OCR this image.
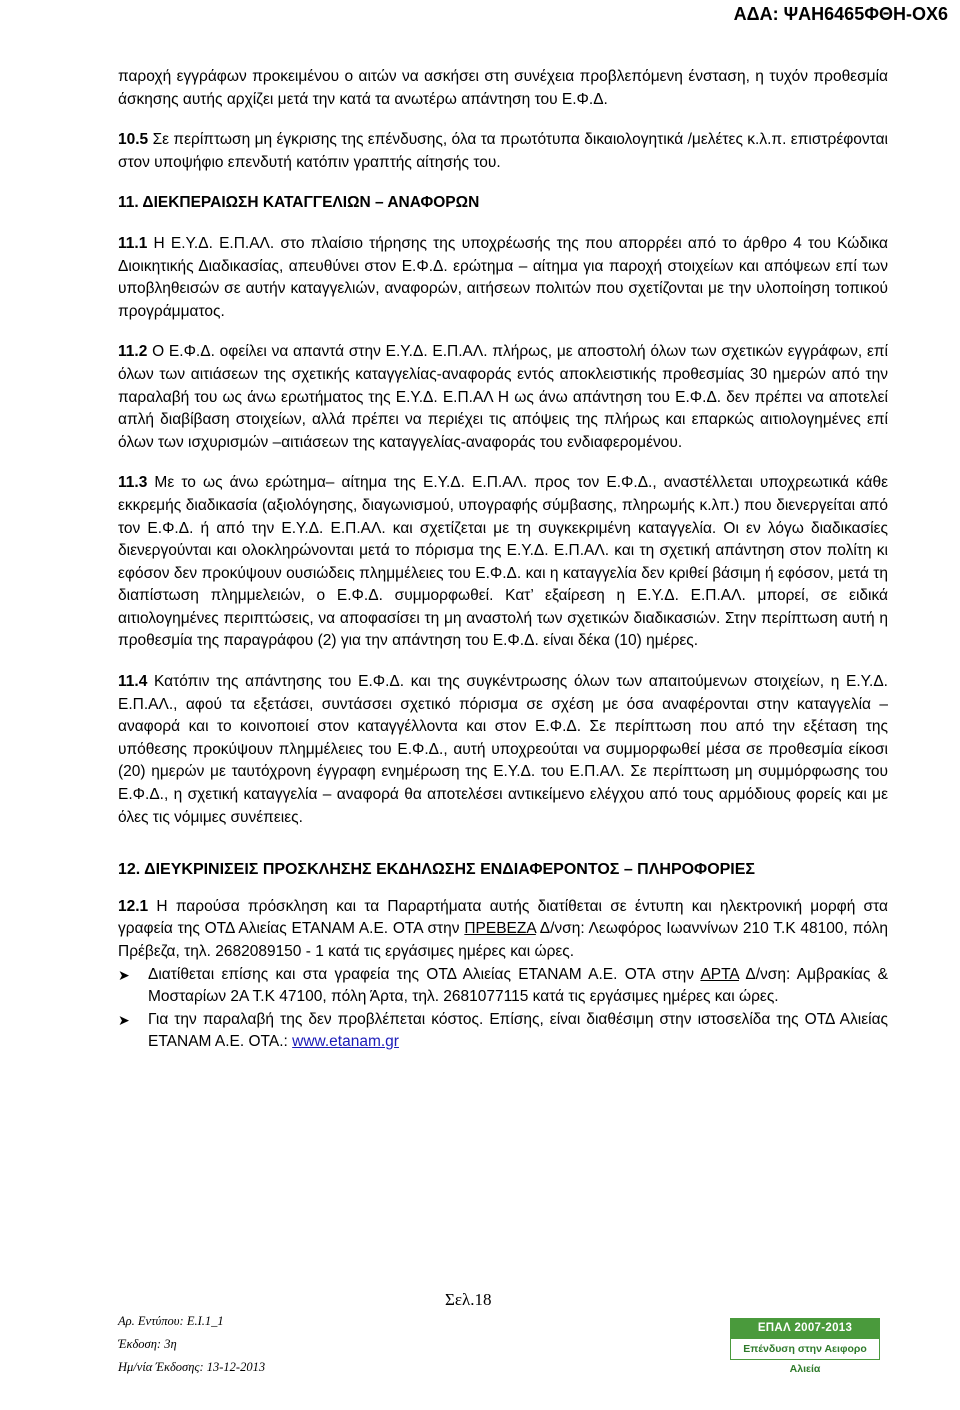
ΑΔΑ: ΨΑΗ6465ΦΘΗ-ΟΧ6

παροχή εγγράφων προκειμένου ο αιτών να ασκήσει στη συνέχεια προβλεπόμενη ένσταση, η τυχόν προθεσμία άσκησης αυτής αρχίζει μετά την κατά τα ανωτέρω απάντηση του Ε.Φ.Δ.

10.5 Σε περίπτωση μη έγκρισης της επένδυσης, όλα τα πρωτότυπα δικαιολογητικά /μελέτες κ.λ.π. επιστρέφονται στον υποψήφιο επενδυτή κατόπιν γραπτής αίτησής του.

11. ΔΙΕΚΠΕΡΑΙΩΣΗ ΚΑΤΑΓΓΕΛΙΩΝ – ΑΝΑΦΟΡΩΝ

11.1 Η Ε.Υ.Δ. Ε.Π.ΑΛ. στο πλαίσιο τήρησης της υποχρέωσής της που απορρέει από το άρθρο 4 του Κώδικα Διοικητικής Διαδικασίας, απευθύνει στον Ε.Φ.Δ. ερώτημα – αίτημα για παροχή στοιχείων και απόψεων επί των υποβληθεισών σε αυτήν καταγγελιών, αναφορών, αιτήσεων πολιτών που σχετίζονται με την υλοποίηση τοπικού προγράμματος.

11.2 Ο Ε.Φ.Δ. οφείλει να απαντά στην Ε.Υ.Δ. Ε.Π.ΑΛ. πλήρως, με αποστολή όλων των σχετικών εγγράφων, επί όλων των αιτιάσεων της σχετικής καταγγελίας-αναφοράς εντός αποκλειστικής προθεσμίας 30 ημερών από την παραλαβή του ως άνω ερωτήματος της Ε.Υ.Δ. Ε.Π.ΑΛ Η ως άνω απάντηση του Ε.Φ.Δ. δεν πρέπει να αποτελεί απλή διαβίβαση στοιχείων, αλλά πρέπει να περιέχει τις απόψεις της πλήρως και επαρκώς αιτιολογημένες επί όλων των ισχυρισμών –αιτιάσεων της καταγγελίας-αναφοράς του ενδιαφερομένου.

11.3 Με το ως άνω ερώτημα– αίτημα της Ε.Υ.Δ. Ε.Π.ΑΛ. προς τον Ε.Φ.Δ., αναστέλλεται υποχρεωτικά κάθε εκκρεμής διαδικασία (αξιολόγησης, διαγωνισμού, υπογραφής σύμβασης, πληρωμής κ.λπ.) που διενεργείται από τον Ε.Φ.Δ. ή από την Ε.Υ.Δ. Ε.Π.ΑΛ. και σχετίζεται με τη συγκεκριμένη καταγγελία. Οι εν λόγω διαδικασίες διενεργούνται και ολοκληρώνονται μετά το πόρισμα της Ε.Υ.Δ. Ε.Π.ΑΛ. και τη σχετική απάντηση στον πολίτη κι εφόσον δεν προκύψουν ουσιώδεις πλημμέλειες του Ε.Φ.Δ. και η καταγγελία δεν κριθεί βάσιμη ή εφόσον, μετά τη διαπίστωση πλημμελειών, ο Ε.Φ.Δ. συμμορφωθεί. Κατ’ εξαίρεση η Ε.Υ.Δ. Ε.Π.ΑΛ. μπορεί, σε ειδικά αιτιολογημένες περιπτώσεις, να αποφασίσει τη μη αναστολή των σχετικών διαδικασιών. Στην περίπτωση αυτή η προθεσμία της παραγράφου (2) για την απάντηση του Ε.Φ.Δ. είναι δέκα (10) ημέρες.

11.4 Κατόπιν της απάντησης του Ε.Φ.Δ. και της συγκέντρωσης όλων των απαιτούμενων στοιχείων, η Ε.Υ.Δ. Ε.Π.ΑΛ., αφού τα εξετάσει, συντάσσει σχετικό πόρισμα σε σχέση με όσα αναφέρονται στην καταγγελία – αναφορά και το κοινοποιεί στον καταγγέλλοντα και στον Ε.Φ.Δ. Σε περίπτωση που από την εξέταση της υπόθεσης προκύψουν πλημμέλειες του Ε.Φ.Δ., αυτή υποχρεούται να συμμορφωθεί μέσα σε προθεσμία είκοσι (20) ημερών με ταυτόχρονη έγγραφη ενημέρωση της Ε.Υ.Δ. του Ε.Π.ΑΛ. Σε περίπτωση μη συμμόρφωσης του Ε.Φ.Δ., η σχετική καταγγελία – αναφορά θα αποτελέσει αντικείμενο ελέγχου από τους αρμόδιους φορείς και με όλες τις νόμιμες συνέπειες.

12. ΔΙΕΥΚΡΙΝΙΣΕΙΣ ΠΡΟΣΚΛΗΣΗΣ ΕΚΔΗΛΩΣΗΣ ΕΝΔΙΑΦΕΡΟΝΤΟΣ – ΠΛΗΡΟΦΟΡΙΕΣ

12.1 Η παρούσα πρόσκληση και τα Παραρτήματα αυτής διατίθεται σε έντυπη και ηλεκτρονική μορφή στα γραφεία της ΟΤΔ Αλιείας ΕΤΑΝΑΜ Α.Ε. ΟΤΑ στην ΠΡΕΒΕΖΑ Δ/νση: Λεωφόρος Ιωαννίνων 210 Τ.Κ 48100, πόλη Πρέβεζα, τηλ. 2682089150 - 1 κατά τις εργάσιμες ημέρες και ώρες.

➤ Διατίθεται επίσης και στα γραφεία της ΟΤΔ Αλιείας ΕΤΑΝΑΜ Α.Ε. ΟΤΑ στην ΑΡΤΑ Δ/νση: Αμβρακίας & Μοσταρίων 2Α Τ.Κ 47100, πόλη Άρτα, τηλ. 2681077115 κατά τις εργάσιμες ημέρες και ώρες.

➤ Για την παραλαβή της δεν προβλέπεται κόστος. Επίσης, είναι διαθέσιμη στην ιστοσελίδα της ΟΤΔ Αλιείας ΕΤΑΝΑΜ Α.Ε. ΟΤΑ.: www.etanam.gr

Σελ.18
Αρ. Εντύπου: Ε.Ι.1_1
Έκδοση: 3η
Ημ/νία Έκδοσης: 13-12-2013
ΕΠΑΛ 2007-2013
Επένδυση στην Αειφορο Αλιεία
